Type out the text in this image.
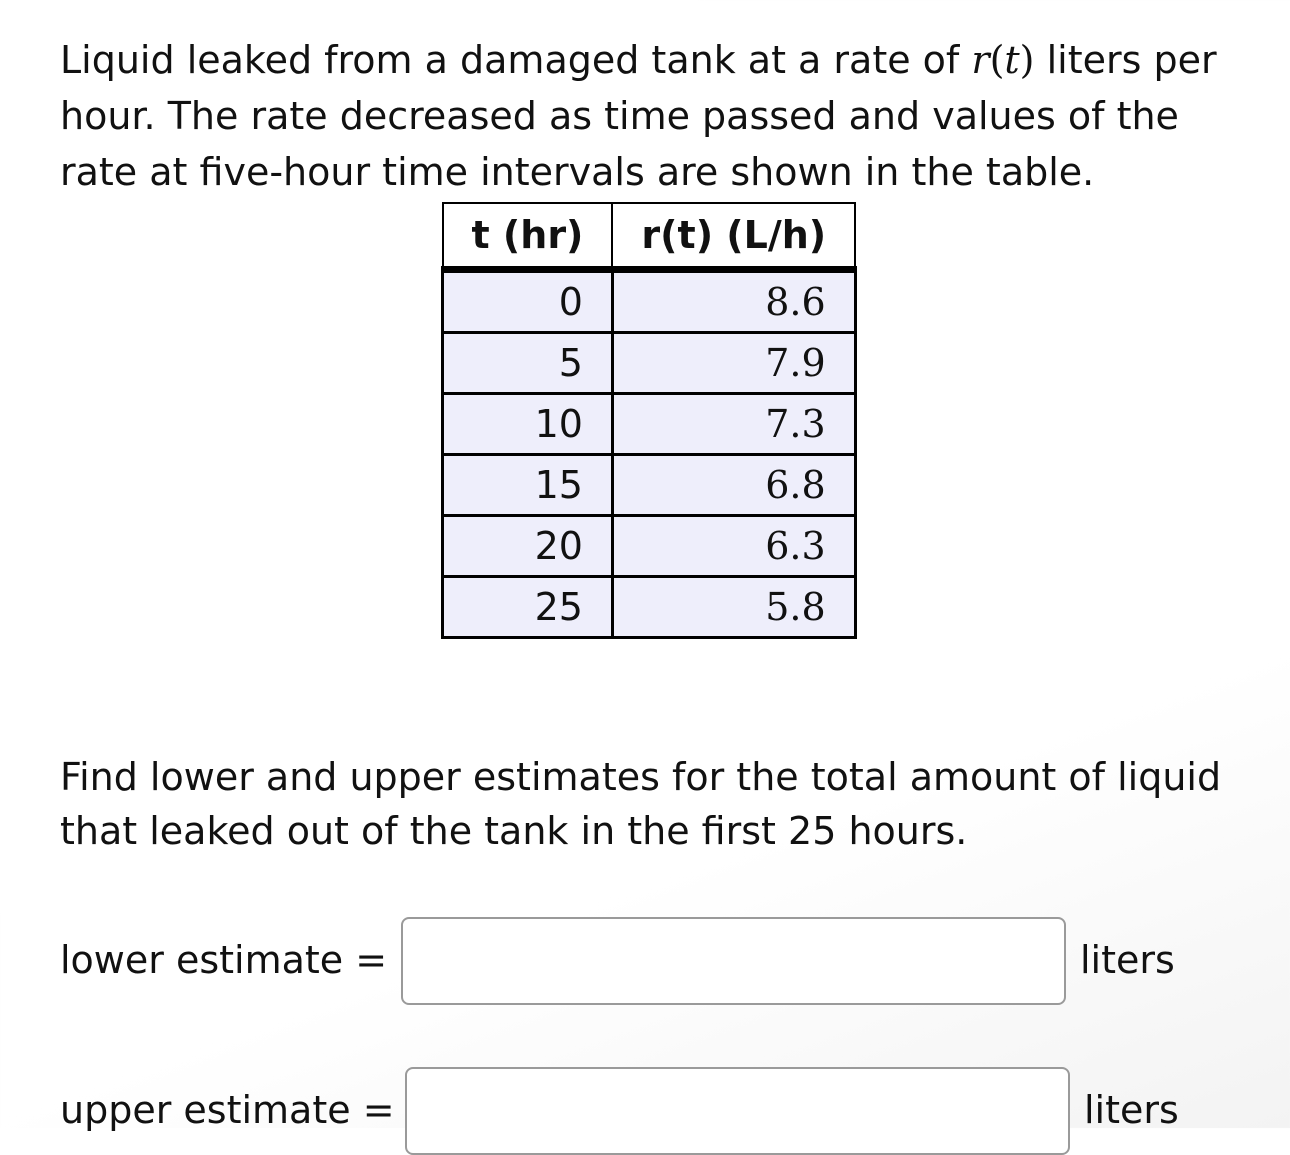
Liquid leaked from a damaged tank at a rate of r(t) liters per hour. The rate decreased as time passed and values of the rate at five-hour time intervals are shown in the table.

t (hr)	r(t) (L/h)
0	8.6
5	7.9
10	7.3
15	6.8
20	6.3
25	5.8

Find lower and upper estimates for the total amount of liquid that leaked out of the tank in the first 25 hours.

lower estimate =	liters

upper estimate =	liters
